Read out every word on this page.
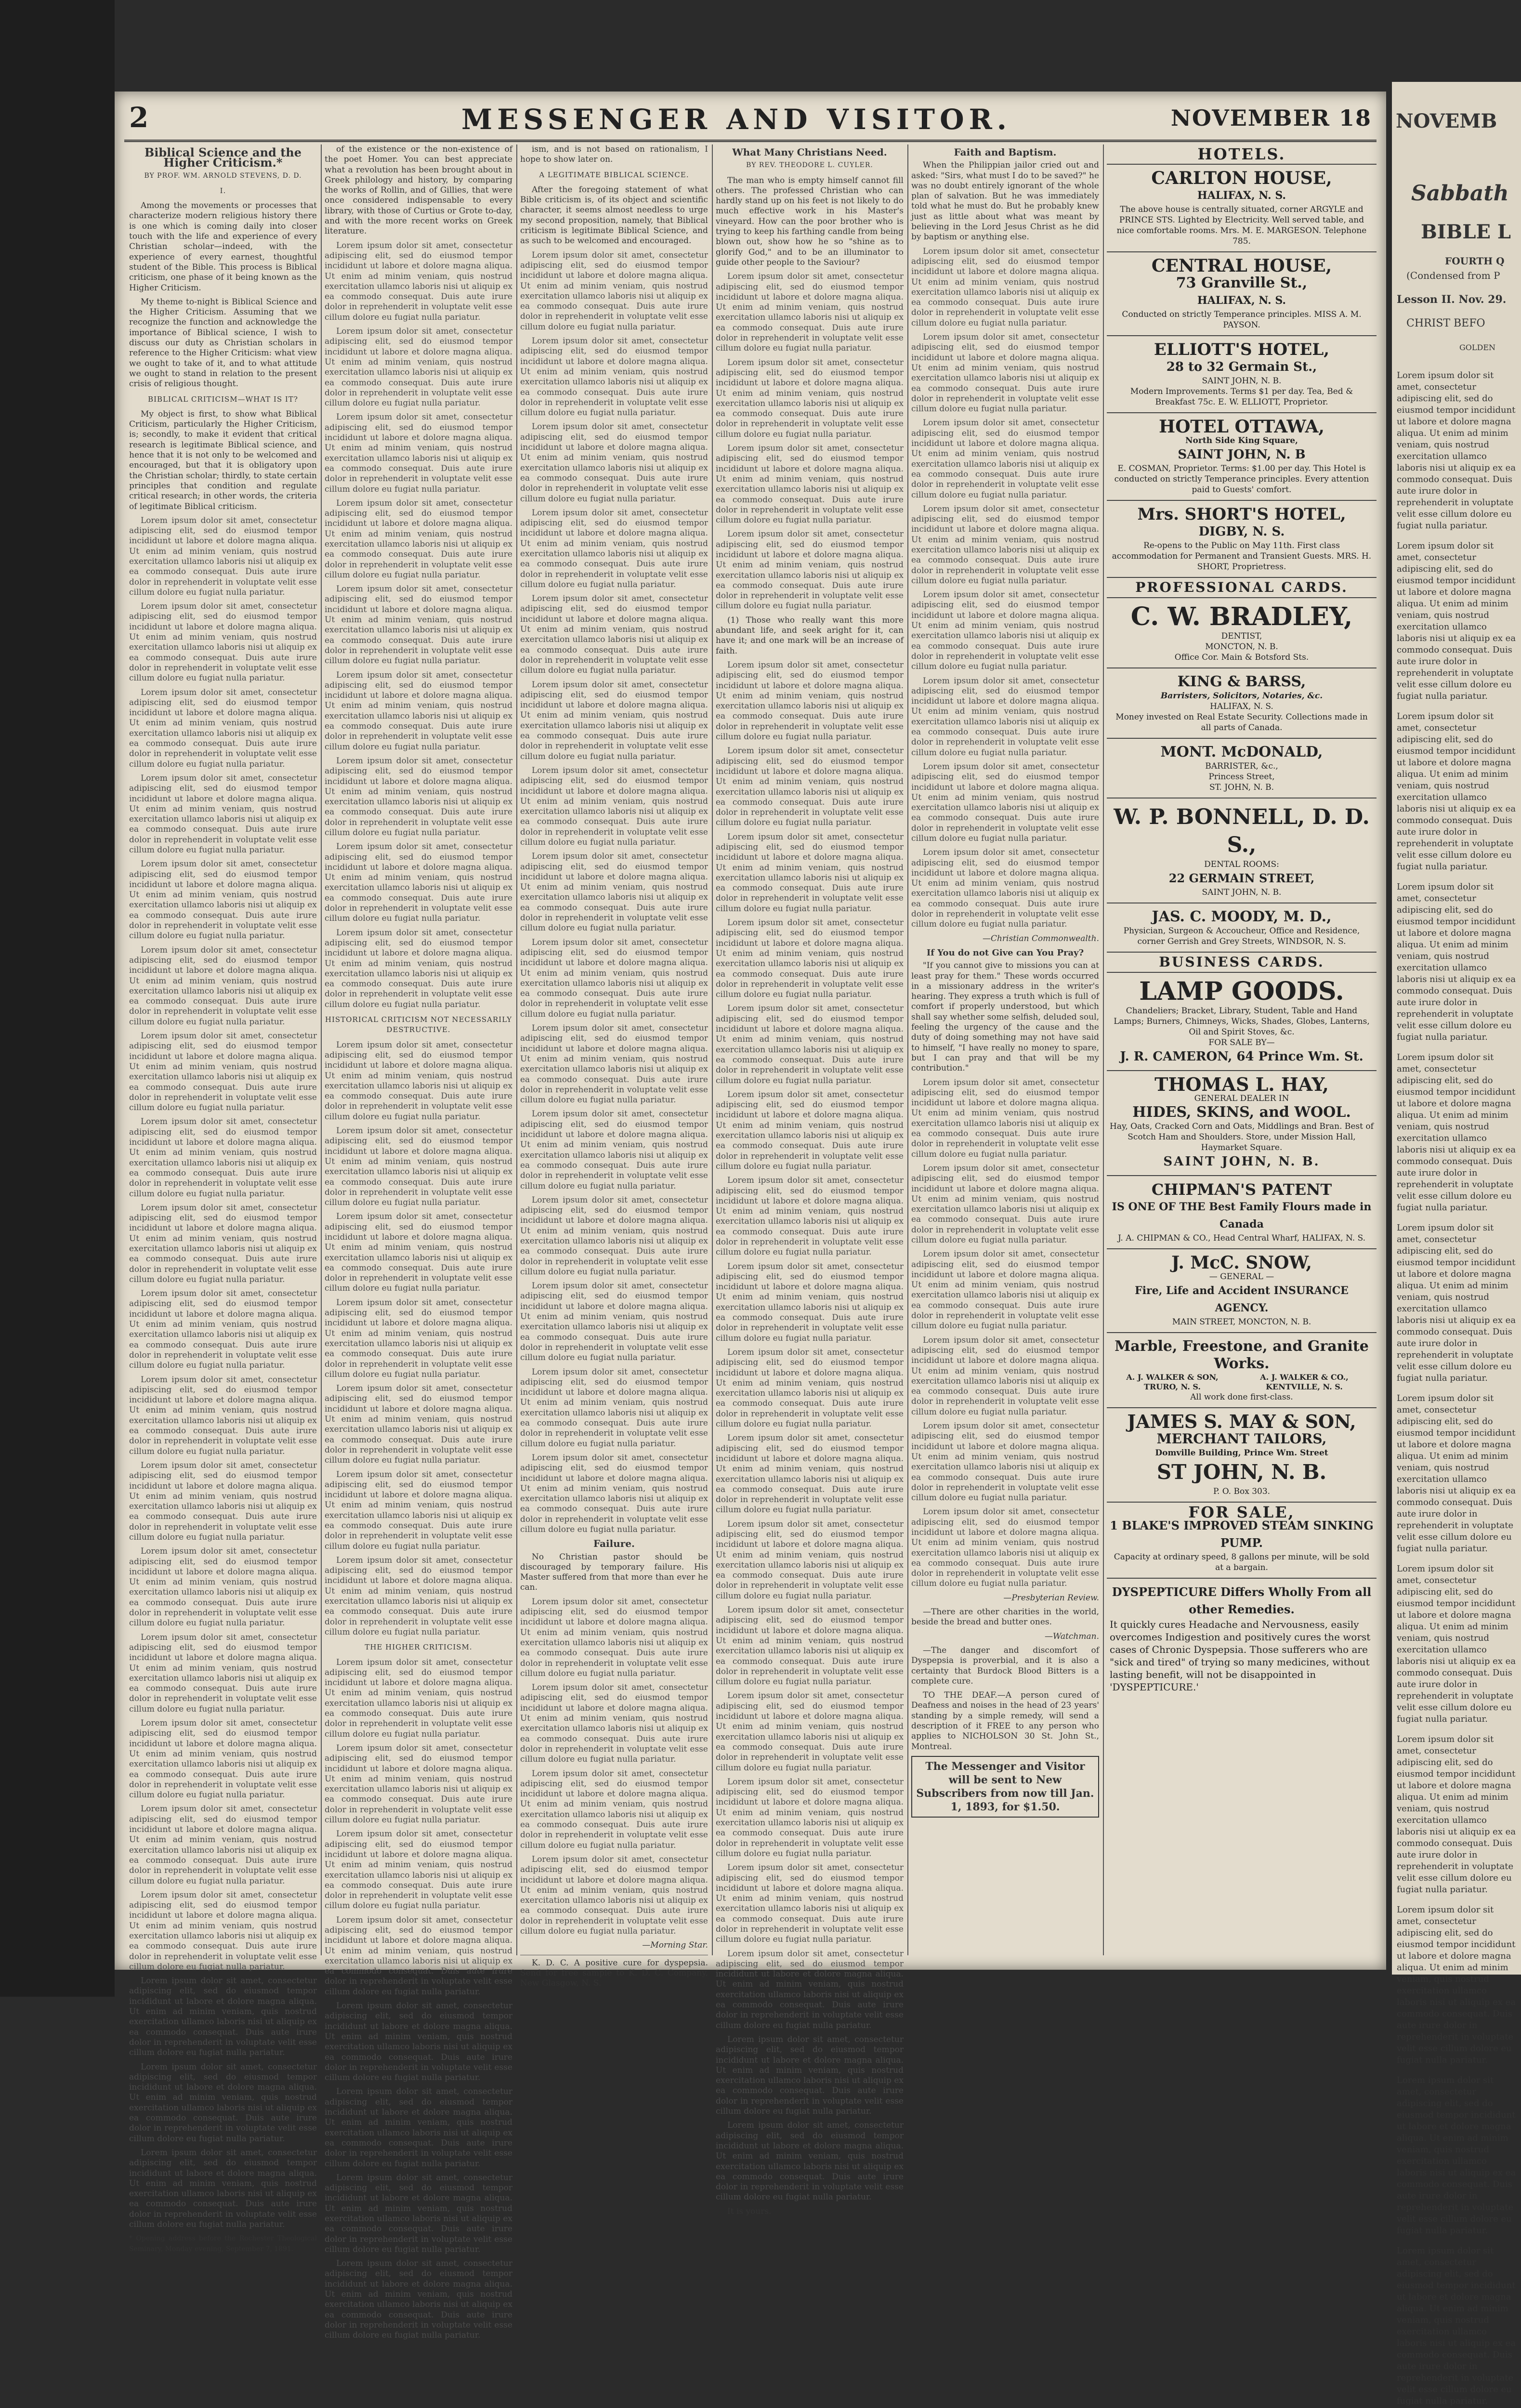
2	MESSENGER AND VISITOR.	NOVEMBER 18
Biblical Science and the Higher Criticism.*
BY PROF. WM. ARNOLD STEVENS, D. D.
I.

Among the movements or processes that characterize modern religious history there is one which is coming daily into closer touch with the life and experience of every Christian scholar—indeed, with the experience of every earnest, thoughtful student of the Bible. This process is Biblical criticism, one phase of it being known as the Higher Criticism.

My theme to-night is Biblical Science and the Higher Criticism. Assuming that we recognize the function and acknowledge the importance of Biblical science, I wish to discuss our duty as Christian scholars in reference to the Higher Criticism: what view we ought to take of it, and to what attitude we ought to stand in relation to the present crisis of religious thought.

BIBLICAL CRITICISM—WHAT IS IT?

My object is first, to show what Biblical Criticism, particularly the Higher Criticism, is; secondly, to make it evident that critical research is legitimate Biblical science, and hence that it is not only to be welcomed and encouraged, but that it is obligatory upon the Christian scholar; thirdly, to state certain principles that condition and regulate critical research; in other words, the criteria of legitimate Biblical criticism.

Lorem ipsum dolor sit amet, consectetur adipiscing elit, sed do eiusmod tempor incididunt ut labore et dolore magna aliqua. Ut enim ad minim veniam, quis nostrud exercitation ullamco laboris nisi ut aliquip ex ea commodo consequat. Duis aute irure dolor in reprehenderit in voluptate velit esse cillum dolore eu fugiat nulla pariatur.

Lorem ipsum dolor sit amet, consectetur adipiscing elit, sed do eiusmod tempor incididunt ut labore et dolore magna aliqua. Ut enim ad minim veniam, quis nostrud exercitation ullamco laboris nisi ut aliquip ex ea commodo consequat. Duis aute irure dolor in reprehenderit in voluptate velit esse cillum dolore eu fugiat nulla pariatur.

Lorem ipsum dolor sit amet, consectetur adipiscing elit, sed do eiusmod tempor incididunt ut labore et dolore magna aliqua. Ut enim ad minim veniam, quis nostrud exercitation ullamco laboris nisi ut aliquip ex ea commodo consequat. Duis aute irure dolor in reprehenderit in voluptate velit esse cillum dolore eu fugiat nulla pariatur.

Lorem ipsum dolor sit amet, consectetur adipiscing elit, sed do eiusmod tempor incididunt ut labore et dolore magna aliqua. Ut enim ad minim veniam, quis nostrud exercitation ullamco laboris nisi ut aliquip ex ea commodo consequat. Duis aute irure dolor in reprehenderit in voluptate velit esse cillum dolore eu fugiat nulla pariatur.

Lorem ipsum dolor sit amet, consectetur adipiscing elit, sed do eiusmod tempor incididunt ut labore et dolore magna aliqua. Ut enim ad minim veniam, quis nostrud exercitation ullamco laboris nisi ut aliquip ex ea commodo consequat. Duis aute irure dolor in reprehenderit in voluptate velit esse cillum dolore eu fugiat nulla pariatur.

Lorem ipsum dolor sit amet, consectetur adipiscing elit, sed do eiusmod tempor incididunt ut labore et dolore magna aliqua. Ut enim ad minim veniam, quis nostrud exercitation ullamco laboris nisi ut aliquip ex ea commodo consequat. Duis aute irure dolor in reprehenderit in voluptate velit esse cillum dolore eu fugiat nulla pariatur.

Lorem ipsum dolor sit amet, consectetur adipiscing elit, sed do eiusmod tempor incididunt ut labore et dolore magna aliqua. Ut enim ad minim veniam, quis nostrud exercitation ullamco laboris nisi ut aliquip ex ea commodo consequat. Duis aute irure dolor in reprehenderit in voluptate velit esse cillum dolore eu fugiat nulla pariatur.

Lorem ipsum dolor sit amet, consectetur adipiscing elit, sed do eiusmod tempor incididunt ut labore et dolore magna aliqua. Ut enim ad minim veniam, quis nostrud exercitation ullamco laboris nisi ut aliquip ex ea commodo consequat. Duis aute irure dolor in reprehenderit in voluptate velit esse cillum dolore eu fugiat nulla pariatur.

Lorem ipsum dolor sit amet, consectetur adipiscing elit, sed do eiusmod tempor incididunt ut labore et dolore magna aliqua. Ut enim ad minim veniam, quis nostrud exercitation ullamco laboris nisi ut aliquip ex ea commodo consequat. Duis aute irure dolor in reprehenderit in voluptate velit esse cillum dolore eu fugiat nulla pariatur.

Lorem ipsum dolor sit amet, consectetur adipiscing elit, sed do eiusmod tempor incididunt ut labore et dolore magna aliqua. Ut enim ad minim veniam, quis nostrud exercitation ullamco laboris nisi ut aliquip ex ea commodo consequat. Duis aute irure dolor in reprehenderit in voluptate velit esse cillum dolore eu fugiat nulla pariatur.

Lorem ipsum dolor sit amet, consectetur adipiscing elit, sed do eiusmod tempor incididunt ut labore et dolore magna aliqua. Ut enim ad minim veniam, quis nostrud exercitation ullamco laboris nisi ut aliquip ex ea commodo consequat. Duis aute irure dolor in reprehenderit in voluptate velit esse cillum dolore eu fugiat nulla pariatur.

Lorem ipsum dolor sit amet, consectetur adipiscing elit, sed do eiusmod tempor incididunt ut labore et dolore magna aliqua. Ut enim ad minim veniam, quis nostrud exercitation ullamco laboris nisi ut aliquip ex ea commodo consequat. Duis aute irure dolor in reprehenderit in voluptate velit esse cillum dolore eu fugiat nulla pariatur.

Lorem ipsum dolor sit amet, consectetur adipiscing elit, sed do eiusmod tempor incididunt ut labore et dolore magna aliqua. Ut enim ad minim veniam, quis nostrud exercitation ullamco laboris nisi ut aliquip ex ea commodo consequat. Duis aute irure dolor in reprehenderit in voluptate velit esse cillum dolore eu fugiat nulla pariatur.

Lorem ipsum dolor sit amet, consectetur adipiscing elit, sed do eiusmod tempor incididunt ut labore et dolore magna aliqua. Ut enim ad minim veniam, quis nostrud exercitation ullamco laboris nisi ut aliquip ex ea commodo consequat. Duis aute irure dolor in reprehenderit in voluptate velit esse cillum dolore eu fugiat nulla pariatur.

Lorem ipsum dolor sit amet, consectetur adipiscing elit, sed do eiusmod tempor incididunt ut labore et dolore magna aliqua. Ut enim ad minim veniam, quis nostrud exercitation ullamco laboris nisi ut aliquip ex ea commodo consequat. Duis aute irure dolor in reprehenderit in voluptate velit esse cillum dolore eu fugiat nulla pariatur.

Lorem ipsum dolor sit amet, consectetur adipiscing elit, sed do eiusmod tempor incididunt ut labore et dolore magna aliqua. Ut enim ad minim veniam, quis nostrud exercitation ullamco laboris nisi ut aliquip ex ea commodo consequat. Duis aute irure dolor in reprehenderit in voluptate velit esse cillum dolore eu fugiat nulla pariatur.

Lorem ipsum dolor sit amet, consectetur adipiscing elit, sed do eiusmod tempor incididunt ut labore et dolore magna aliqua. Ut enim ad minim veniam, quis nostrud exercitation ullamco laboris nisi ut aliquip ex ea commodo consequat. Duis aute irure dolor in reprehenderit in voluptate velit esse cillum dolore eu fugiat nulla pariatur.

Lorem ipsum dolor sit amet, consectetur adipiscing elit, sed do eiusmod tempor incididunt ut labore et dolore magna aliqua. Ut enim ad minim veniam, quis nostrud exercitation ullamco laboris nisi ut aliquip ex ea commodo consequat. Duis aute irure dolor in reprehenderit in voluptate velit esse cillum dolore eu fugiat nulla pariatur.

Lorem ipsum dolor sit amet, consectetur adipiscing elit, sed do eiusmod tempor incididunt ut labore et dolore magna aliqua. Ut enim ad minim veniam, quis nostrud exercitation ullamco laboris nisi ut aliquip ex ea commodo consequat. Duis aute irure dolor in reprehenderit in voluptate velit esse cillum dolore eu fugiat nulla pariatur.

Lorem ipsum dolor sit amet, consectetur adipiscing elit, sed do eiusmod tempor incididunt ut labore et dolore magna aliqua. Ut enim ad minim veniam, quis nostrud exercitation ullamco laboris nisi ut aliquip ex ea commodo consequat. Duis aute irure dolor in reprehenderit in voluptate velit esse cillum dolore eu fugiat nulla pariatur.

* Opening address before the Rochester Theological Seminary, Monday evening, September 7, 1891.

of the existence or the non-existence of the poet Homer. You can best appreciate what a revolution has been brought about in Greek philology and history, by comparing the works of Rollin, and of Gillies, that were once considered indispensable to every library, with those of Curtius or Grote to-day, and with the more recent works on Greek literature.

Lorem ipsum dolor sit amet, consectetur adipiscing elit, sed do eiusmod tempor incididunt ut labore et dolore magna aliqua. Ut enim ad minim veniam, quis nostrud exercitation ullamco laboris nisi ut aliquip ex ea commodo consequat. Duis aute irure dolor in reprehenderit in voluptate velit esse cillum dolore eu fugiat nulla pariatur.

Lorem ipsum dolor sit amet, consectetur adipiscing elit, sed do eiusmod tempor incididunt ut labore et dolore magna aliqua. Ut enim ad minim veniam, quis nostrud exercitation ullamco laboris nisi ut aliquip ex ea commodo consequat. Duis aute irure dolor in reprehenderit in voluptate velit esse cillum dolore eu fugiat nulla pariatur.

Lorem ipsum dolor sit amet, consectetur adipiscing elit, sed do eiusmod tempor incididunt ut labore et dolore magna aliqua. Ut enim ad minim veniam, quis nostrud exercitation ullamco laboris nisi ut aliquip ex ea commodo consequat. Duis aute irure dolor in reprehenderit in voluptate velit esse cillum dolore eu fugiat nulla pariatur.

Lorem ipsum dolor sit amet, consectetur adipiscing elit, sed do eiusmod tempor incididunt ut labore et dolore magna aliqua. Ut enim ad minim veniam, quis nostrud exercitation ullamco laboris nisi ut aliquip ex ea commodo consequat. Duis aute irure dolor in reprehenderit in voluptate velit esse cillum dolore eu fugiat nulla pariatur.

Lorem ipsum dolor sit amet, consectetur adipiscing elit, sed do eiusmod tempor incididunt ut labore et dolore magna aliqua. Ut enim ad minim veniam, quis nostrud exercitation ullamco laboris nisi ut aliquip ex ea commodo consequat. Duis aute irure dolor in reprehenderit in voluptate velit esse cillum dolore eu fugiat nulla pariatur.

Lorem ipsum dolor sit amet, consectetur adipiscing elit, sed do eiusmod tempor incididunt ut labore et dolore magna aliqua. Ut enim ad minim veniam, quis nostrud exercitation ullamco laboris nisi ut aliquip ex ea commodo consequat. Duis aute irure dolor in reprehenderit in voluptate velit esse cillum dolore eu fugiat nulla pariatur.

Lorem ipsum dolor sit amet, consectetur adipiscing elit, sed do eiusmod tempor incididunt ut labore et dolore magna aliqua. Ut enim ad minim veniam, quis nostrud exercitation ullamco laboris nisi ut aliquip ex ea commodo consequat. Duis aute irure dolor in reprehenderit in voluptate velit esse cillum dolore eu fugiat nulla pariatur.

Lorem ipsum dolor sit amet, consectetur adipiscing elit, sed do eiusmod tempor incididunt ut labore et dolore magna aliqua. Ut enim ad minim veniam, quis nostrud exercitation ullamco laboris nisi ut aliquip ex ea commodo consequat. Duis aute irure dolor in reprehenderit in voluptate velit esse cillum dolore eu fugiat nulla pariatur.

Lorem ipsum dolor sit amet, consectetur adipiscing elit, sed do eiusmod tempor incididunt ut labore et dolore magna aliqua. Ut enim ad minim veniam, quis nostrud exercitation ullamco laboris nisi ut aliquip ex ea commodo consequat. Duis aute irure dolor in reprehenderit in voluptate velit esse cillum dolore eu fugiat nulla pariatur.

HISTORICAL CRITICISM NOT NECESSARILY DESTRUCTIVE.

Lorem ipsum dolor sit amet, consectetur adipiscing elit, sed do eiusmod tempor incididunt ut labore et dolore magna aliqua. Ut enim ad minim veniam, quis nostrud exercitation ullamco laboris nisi ut aliquip ex ea commodo consequat. Duis aute irure dolor in reprehenderit in voluptate velit esse cillum dolore eu fugiat nulla pariatur.

Lorem ipsum dolor sit amet, consectetur adipiscing elit, sed do eiusmod tempor incididunt ut labore et dolore magna aliqua. Ut enim ad minim veniam, quis nostrud exercitation ullamco laboris nisi ut aliquip ex ea commodo consequat. Duis aute irure dolor in reprehenderit in voluptate velit esse cillum dolore eu fugiat nulla pariatur.

Lorem ipsum dolor sit amet, consectetur adipiscing elit, sed do eiusmod tempor incididunt ut labore et dolore magna aliqua. Ut enim ad minim veniam, quis nostrud exercitation ullamco laboris nisi ut aliquip ex ea commodo consequat. Duis aute irure dolor in reprehenderit in voluptate velit esse cillum dolore eu fugiat nulla pariatur.

Lorem ipsum dolor sit amet, consectetur adipiscing elit, sed do eiusmod tempor incididunt ut labore et dolore magna aliqua. Ut enim ad minim veniam, quis nostrud exercitation ullamco laboris nisi ut aliquip ex ea commodo consequat. Duis aute irure dolor in reprehenderit in voluptate velit esse cillum dolore eu fugiat nulla pariatur.

Lorem ipsum dolor sit amet, consectetur adipiscing elit, sed do eiusmod tempor incididunt ut labore et dolore magna aliqua. Ut enim ad minim veniam, quis nostrud exercitation ullamco laboris nisi ut aliquip ex ea commodo consequat. Duis aute irure dolor in reprehenderit in voluptate velit esse cillum dolore eu fugiat nulla pariatur.

Lorem ipsum dolor sit amet, consectetur adipiscing elit, sed do eiusmod tempor incididunt ut labore et dolore magna aliqua. Ut enim ad minim veniam, quis nostrud exercitation ullamco laboris nisi ut aliquip ex ea commodo consequat. Duis aute irure dolor in reprehenderit in voluptate velit esse cillum dolore eu fugiat nulla pariatur.

Lorem ipsum dolor sit amet, consectetur adipiscing elit, sed do eiusmod tempor incididunt ut labore et dolore magna aliqua. Ut enim ad minim veniam, quis nostrud exercitation ullamco laboris nisi ut aliquip ex ea commodo consequat. Duis aute irure dolor in reprehenderit in voluptate velit esse cillum dolore eu fugiat nulla pariatur.

THE HIGHER CRITICISM.

Lorem ipsum dolor sit amet, consectetur adipiscing elit, sed do eiusmod tempor incididunt ut labore et dolore magna aliqua. Ut enim ad minim veniam, quis nostrud exercitation ullamco laboris nisi ut aliquip ex ea commodo consequat. Duis aute irure dolor in reprehenderit in voluptate velit esse cillum dolore eu fugiat nulla pariatur.

Lorem ipsum dolor sit amet, consectetur adipiscing elit, sed do eiusmod tempor incididunt ut labore et dolore magna aliqua. Ut enim ad minim veniam, quis nostrud exercitation ullamco laboris nisi ut aliquip ex ea commodo consequat. Duis aute irure dolor in reprehenderit in voluptate velit esse cillum dolore eu fugiat nulla pariatur.

Lorem ipsum dolor sit amet, consectetur adipiscing elit, sed do eiusmod tempor incididunt ut labore et dolore magna aliqua. Ut enim ad minim veniam, quis nostrud exercitation ullamco laboris nisi ut aliquip ex ea commodo consequat. Duis aute irure dolor in reprehenderit in voluptate velit esse cillum dolore eu fugiat nulla pariatur.

Lorem ipsum dolor sit amet, consectetur adipiscing elit, sed do eiusmod tempor incididunt ut labore et dolore magna aliqua. Ut enim ad minim veniam, quis nostrud exercitation ullamco laboris nisi ut aliquip ex ea commodo consequat. Duis aute irure dolor in reprehenderit in voluptate velit esse cillum dolore eu fugiat nulla pariatur.

Lorem ipsum dolor sit amet, consectetur adipiscing elit, sed do eiusmod tempor incididunt ut labore et dolore magna aliqua. Ut enim ad minim veniam, quis nostrud exercitation ullamco laboris nisi ut aliquip ex ea commodo consequat. Duis aute irure dolor in reprehenderit in voluptate velit esse cillum dolore eu fugiat nulla pariatur.

Lorem ipsum dolor sit amet, consectetur adipiscing elit, sed do eiusmod tempor incididunt ut labore et dolore magna aliqua. Ut enim ad minim veniam, quis nostrud exercitation ullamco laboris nisi ut aliquip ex ea commodo consequat. Duis aute irure dolor in reprehenderit in voluptate velit esse cillum dolore eu fugiat nulla pariatur.

Lorem ipsum dolor sit amet, consectetur adipiscing elit, sed do eiusmod tempor incididunt ut labore et dolore magna aliqua. Ut enim ad minim veniam, quis nostrud exercitation ullamco laboris nisi ut aliquip ex ea commodo consequat. Duis aute irure dolor in reprehenderit in voluptate velit esse cillum dolore eu fugiat nulla pariatur.

Lorem ipsum dolor sit amet, consectetur adipiscing elit, sed do eiusmod tempor incididunt ut labore et dolore magna aliqua. Ut enim ad minim veniam, quis nostrud exercitation ullamco laboris nisi ut aliquip ex ea commodo consequat. Duis aute irure dolor in reprehenderit in voluptate velit esse cillum dolore eu fugiat nulla pariatur.

ism, and is not based on rationalism, I hope to show later on.

A LEGITIMATE BIBLICAL SCIENCE.

After the foregoing statement of what Bible criticism is, of its object and scientific character, it seems almost needless to urge my second proposition, namely, that Biblical criticism is legitimate Biblical Science, and as such to be welcomed and encouraged.

Lorem ipsum dolor sit amet, consectetur adipiscing elit, sed do eiusmod tempor incididunt ut labore et dolore magna aliqua. Ut enim ad minim veniam, quis nostrud exercitation ullamco laboris nisi ut aliquip ex ea commodo consequat. Duis aute irure dolor in reprehenderit in voluptate velit esse cillum dolore eu fugiat nulla pariatur.

Lorem ipsum dolor sit amet, consectetur adipiscing elit, sed do eiusmod tempor incididunt ut labore et dolore magna aliqua. Ut enim ad minim veniam, quis nostrud exercitation ullamco laboris nisi ut aliquip ex ea commodo consequat. Duis aute irure dolor in reprehenderit in voluptate velit esse cillum dolore eu fugiat nulla pariatur.

Lorem ipsum dolor sit amet, consectetur adipiscing elit, sed do eiusmod tempor incididunt ut labore et dolore magna aliqua. Ut enim ad minim veniam, quis nostrud exercitation ullamco laboris nisi ut aliquip ex ea commodo consequat. Duis aute irure dolor in reprehenderit in voluptate velit esse cillum dolore eu fugiat nulla pariatur.

Lorem ipsum dolor sit amet, consectetur adipiscing elit, sed do eiusmod tempor incididunt ut labore et dolore magna aliqua. Ut enim ad minim veniam, quis nostrud exercitation ullamco laboris nisi ut aliquip ex ea commodo consequat. Duis aute irure dolor in reprehenderit in voluptate velit esse cillum dolore eu fugiat nulla pariatur.

Lorem ipsum dolor sit amet, consectetur adipiscing elit, sed do eiusmod tempor incididunt ut labore et dolore magna aliqua. Ut enim ad minim veniam, quis nostrud exercitation ullamco laboris nisi ut aliquip ex ea commodo consequat. Duis aute irure dolor in reprehenderit in voluptate velit esse cillum dolore eu fugiat nulla pariatur.

Lorem ipsum dolor sit amet, consectetur adipiscing elit, sed do eiusmod tempor incididunt ut labore et dolore magna aliqua. Ut enim ad minim veniam, quis nostrud exercitation ullamco laboris nisi ut aliquip ex ea commodo consequat. Duis aute irure dolor in reprehenderit in voluptate velit esse cillum dolore eu fugiat nulla pariatur.

Lorem ipsum dolor sit amet, consectetur adipiscing elit, sed do eiusmod tempor incididunt ut labore et dolore magna aliqua. Ut enim ad minim veniam, quis nostrud exercitation ullamco laboris nisi ut aliquip ex ea commodo consequat. Duis aute irure dolor in reprehenderit in voluptate velit esse cillum dolore eu fugiat nulla pariatur.

Lorem ipsum dolor sit amet, consectetur adipiscing elit, sed do eiusmod tempor incididunt ut labore et dolore magna aliqua. Ut enim ad minim veniam, quis nostrud exercitation ullamco laboris nisi ut aliquip ex ea commodo consequat. Duis aute irure dolor in reprehenderit in voluptate velit esse cillum dolore eu fugiat nulla pariatur.

Lorem ipsum dolor sit amet, consectetur adipiscing elit, sed do eiusmod tempor incididunt ut labore et dolore magna aliqua. Ut enim ad minim veniam, quis nostrud exercitation ullamco laboris nisi ut aliquip ex ea commodo consequat. Duis aute irure dolor in reprehenderit in voluptate velit esse cillum dolore eu fugiat nulla pariatur.

Lorem ipsum dolor sit amet, consectetur adipiscing elit, sed do eiusmod tempor incididunt ut labore et dolore magna aliqua. Ut enim ad minim veniam, quis nostrud exercitation ullamco laboris nisi ut aliquip ex ea commodo consequat. Duis aute irure dolor in reprehenderit in voluptate velit esse cillum dolore eu fugiat nulla pariatur.

Lorem ipsum dolor sit amet, consectetur adipiscing elit, sed do eiusmod tempor incididunt ut labore et dolore magna aliqua. Ut enim ad minim veniam, quis nostrud exercitation ullamco laboris nisi ut aliquip ex ea commodo consequat. Duis aute irure dolor in reprehenderit in voluptate velit esse cillum dolore eu fugiat nulla pariatur.

Lorem ipsum dolor sit amet, consectetur adipiscing elit, sed do eiusmod tempor incididunt ut labore et dolore magna aliqua. Ut enim ad minim veniam, quis nostrud exercitation ullamco laboris nisi ut aliquip ex ea commodo consequat. Duis aute irure dolor in reprehenderit in voluptate velit esse cillum dolore eu fugiat nulla pariatur.

Lorem ipsum dolor sit amet, consectetur adipiscing elit, sed do eiusmod tempor incididunt ut labore et dolore magna aliqua. Ut enim ad minim veniam, quis nostrud exercitation ullamco laboris nisi ut aliquip ex ea commodo consequat. Duis aute irure dolor in reprehenderit in voluptate velit esse cillum dolore eu fugiat nulla pariatur.

Lorem ipsum dolor sit amet, consectetur adipiscing elit, sed do eiusmod tempor incididunt ut labore et dolore magna aliqua. Ut enim ad minim veniam, quis nostrud exercitation ullamco laboris nisi ut aliquip ex ea commodo consequat. Duis aute irure dolor in reprehenderit in voluptate velit esse cillum dolore eu fugiat nulla pariatur.

Lorem ipsum dolor sit amet, consectetur adipiscing elit, sed do eiusmod tempor incididunt ut labore et dolore magna aliqua. Ut enim ad minim veniam, quis nostrud exercitation ullamco laboris nisi ut aliquip ex ea commodo consequat. Duis aute irure dolor in reprehenderit in voluptate velit esse cillum dolore eu fugiat nulla pariatur.

Failure.

No Christian pastor should be discouraged by temporary failure. His Master suffered from that more than ever he can.

Lorem ipsum dolor sit amet, consectetur adipiscing elit, sed do eiusmod tempor incididunt ut labore et dolore magna aliqua. Ut enim ad minim veniam, quis nostrud exercitation ullamco laboris nisi ut aliquip ex ea commodo consequat. Duis aute irure dolor in reprehenderit in voluptate velit esse cillum dolore eu fugiat nulla pariatur.

Lorem ipsum dolor sit amet, consectetur adipiscing elit, sed do eiusmod tempor incididunt ut labore et dolore magna aliqua. Ut enim ad minim veniam, quis nostrud exercitation ullamco laboris nisi ut aliquip ex ea commodo consequat. Duis aute irure dolor in reprehenderit in voluptate velit esse cillum dolore eu fugiat nulla pariatur.

Lorem ipsum dolor sit amet, consectetur adipiscing elit, sed do eiusmod tempor incididunt ut labore et dolore magna aliqua. Ut enim ad minim veniam, quis nostrud exercitation ullamco laboris nisi ut aliquip ex ea commodo consequat. Duis aute irure dolor in reprehenderit in voluptate velit esse cillum dolore eu fugiat nulla pariatur.

Lorem ipsum dolor sit amet, consectetur adipiscing elit, sed do eiusmod tempor incididunt ut labore et dolore magna aliqua. Ut enim ad minim veniam, quis nostrud exercitation ullamco laboris nisi ut aliquip ex ea commodo consequat. Duis aute irure dolor in reprehenderit in voluptate velit esse cillum dolore eu fugiat nulla pariatur.

—Morning Star.

K. D. C. A positive cure for dyspepsia. Send for free sample to K. D. C. Company, New Glasgow, N. S.

What Many Christians Need.
BY REV. THEODORE L. CUYLER.

The man who is empty himself cannot fill others. The professed Christian who can hardly stand up on his feet is not likely to do much effective work in his Master's vineyard. How can the poor brother who is trying to keep his farthing candle from being blown out, show how he so "shine as to glorify God," and to be an illuminator to guide other people to the Saviour?

Lorem ipsum dolor sit amet, consectetur adipiscing elit, sed do eiusmod tempor incididunt ut labore et dolore magna aliqua. Ut enim ad minim veniam, quis nostrud exercitation ullamco laboris nisi ut aliquip ex ea commodo consequat. Duis aute irure dolor in reprehenderit in voluptate velit esse cillum dolore eu fugiat nulla pariatur.

Lorem ipsum dolor sit amet, consectetur adipiscing elit, sed do eiusmod tempor incididunt ut labore et dolore magna aliqua. Ut enim ad minim veniam, quis nostrud exercitation ullamco laboris nisi ut aliquip ex ea commodo consequat. Duis aute irure dolor in reprehenderit in voluptate velit esse cillum dolore eu fugiat nulla pariatur.

Lorem ipsum dolor sit amet, consectetur adipiscing elit, sed do eiusmod tempor incididunt ut labore et dolore magna aliqua. Ut enim ad minim veniam, quis nostrud exercitation ullamco laboris nisi ut aliquip ex ea commodo consequat. Duis aute irure dolor in reprehenderit in voluptate velit esse cillum dolore eu fugiat nulla pariatur.

Lorem ipsum dolor sit amet, consectetur adipiscing elit, sed do eiusmod tempor incididunt ut labore et dolore magna aliqua. Ut enim ad minim veniam, quis nostrud exercitation ullamco laboris nisi ut aliquip ex ea commodo consequat. Duis aute irure dolor in reprehenderit in voluptate velit esse cillum dolore eu fugiat nulla pariatur.

(1) Those who really want this more abundant life, and seek aright for it, can have it; and one mark will be an increase of faith.

Lorem ipsum dolor sit amet, consectetur adipiscing elit, sed do eiusmod tempor incididunt ut labore et dolore magna aliqua. Ut enim ad minim veniam, quis nostrud exercitation ullamco laboris nisi ut aliquip ex ea commodo consequat. Duis aute irure dolor in reprehenderit in voluptate velit esse cillum dolore eu fugiat nulla pariatur.

Lorem ipsum dolor sit amet, consectetur adipiscing elit, sed do eiusmod tempor incididunt ut labore et dolore magna aliqua. Ut enim ad minim veniam, quis nostrud exercitation ullamco laboris nisi ut aliquip ex ea commodo consequat. Duis aute irure dolor in reprehenderit in voluptate velit esse cillum dolore eu fugiat nulla pariatur.

Lorem ipsum dolor sit amet, consectetur adipiscing elit, sed do eiusmod tempor incididunt ut labore et dolore magna aliqua. Ut enim ad minim veniam, quis nostrud exercitation ullamco laboris nisi ut aliquip ex ea commodo consequat. Duis aute irure dolor in reprehenderit in voluptate velit esse cillum dolore eu fugiat nulla pariatur.

Lorem ipsum dolor sit amet, consectetur adipiscing elit, sed do eiusmod tempor incididunt ut labore et dolore magna aliqua. Ut enim ad minim veniam, quis nostrud exercitation ullamco laboris nisi ut aliquip ex ea commodo consequat. Duis aute irure dolor in reprehenderit in voluptate velit esse cillum dolore eu fugiat nulla pariatur.

Lorem ipsum dolor sit amet, consectetur adipiscing elit, sed do eiusmod tempor incididunt ut labore et dolore magna aliqua. Ut enim ad minim veniam, quis nostrud exercitation ullamco laboris nisi ut aliquip ex ea commodo consequat. Duis aute irure dolor in reprehenderit in voluptate velit esse cillum dolore eu fugiat nulla pariatur.

Lorem ipsum dolor sit amet, consectetur adipiscing elit, sed do eiusmod tempor incididunt ut labore et dolore magna aliqua. Ut enim ad minim veniam, quis nostrud exercitation ullamco laboris nisi ut aliquip ex ea commodo consequat. Duis aute irure dolor in reprehenderit in voluptate velit esse cillum dolore eu fugiat nulla pariatur.

Lorem ipsum dolor sit amet, consectetur adipiscing elit, sed do eiusmod tempor incididunt ut labore et dolore magna aliqua. Ut enim ad minim veniam, quis nostrud exercitation ullamco laboris nisi ut aliquip ex ea commodo consequat. Duis aute irure dolor in reprehenderit in voluptate velit esse cillum dolore eu fugiat nulla pariatur.

Lorem ipsum dolor sit amet, consectetur adipiscing elit, sed do eiusmod tempor incididunt ut labore et dolore magna aliqua. Ut enim ad minim veniam, quis nostrud exercitation ullamco laboris nisi ut aliquip ex ea commodo consequat. Duis aute irure dolor in reprehenderit in voluptate velit esse cillum dolore eu fugiat nulla pariatur.

Lorem ipsum dolor sit amet, consectetur adipiscing elit, sed do eiusmod tempor incididunt ut labore et dolore magna aliqua. Ut enim ad minim veniam, quis nostrud exercitation ullamco laboris nisi ut aliquip ex ea commodo consequat. Duis aute irure dolor in reprehenderit in voluptate velit esse cillum dolore eu fugiat nulla pariatur.

Lorem ipsum dolor sit amet, consectetur adipiscing elit, sed do eiusmod tempor incididunt ut labore et dolore magna aliqua. Ut enim ad minim veniam, quis nostrud exercitation ullamco laboris nisi ut aliquip ex ea commodo consequat. Duis aute irure dolor in reprehenderit in voluptate velit esse cillum dolore eu fugiat nulla pariatur.

Lorem ipsum dolor sit amet, consectetur adipiscing elit, sed do eiusmod tempor incididunt ut labore et dolore magna aliqua. Ut enim ad minim veniam, quis nostrud exercitation ullamco laboris nisi ut aliquip ex ea commodo consequat. Duis aute irure dolor in reprehenderit in voluptate velit esse cillum dolore eu fugiat nulla pariatur.

Lorem ipsum dolor sit amet, consectetur adipiscing elit, sed do eiusmod tempor incididunt ut labore et dolore magna aliqua. Ut enim ad minim veniam, quis nostrud exercitation ullamco laboris nisi ut aliquip ex ea commodo consequat. Duis aute irure dolor in reprehenderit in voluptate velit esse cillum dolore eu fugiat nulla pariatur.

Lorem ipsum dolor sit amet, consectetur adipiscing elit, sed do eiusmod tempor incididunt ut labore et dolore magna aliqua. Ut enim ad minim veniam, quis nostrud exercitation ullamco laboris nisi ut aliquip ex ea commodo consequat. Duis aute irure dolor in reprehenderit in voluptate velit esse cillum dolore eu fugiat nulla pariatur.

Lorem ipsum dolor sit amet, consectetur adipiscing elit, sed do eiusmod tempor incididunt ut labore et dolore magna aliqua. Ut enim ad minim veniam, quis nostrud exercitation ullamco laboris nisi ut aliquip ex ea commodo consequat. Duis aute irure dolor in reprehenderit in voluptate velit esse cillum dolore eu fugiat nulla pariatur.

Lorem ipsum dolor sit amet, consectetur adipiscing elit, sed do eiusmod tempor incididunt ut labore et dolore magna aliqua. Ut enim ad minim veniam, quis nostrud exercitation ullamco laboris nisi ut aliquip ex ea commodo consequat. Duis aute irure dolor in reprehenderit in voluptate velit esse cillum dolore eu fugiat nulla pariatur.

Lorem ipsum dolor sit amet, consectetur adipiscing elit, sed do eiusmod tempor incididunt ut labore et dolore magna aliqua. Ut enim ad minim veniam, quis nostrud exercitation ullamco laboris nisi ut aliquip ex ea commodo consequat. Duis aute irure dolor in reprehenderit in voluptate velit esse cillum dolore eu fugiat nulla pariatur.

Lorem ipsum dolor sit amet, consectetur adipiscing elit, sed do eiusmod tempor incididunt ut labore et dolore magna aliqua. Ut enim ad minim veniam, quis nostrud exercitation ullamco laboris nisi ut aliquip ex ea commodo consequat. Duis aute irure dolor in reprehenderit in voluptate velit esse cillum dolore eu fugiat nulla pariatur.

Lorem ipsum dolor sit amet, consectetur adipiscing elit, sed do eiusmod tempor incididunt ut labore et dolore magna aliqua. Ut enim ad minim veniam, quis nostrud exercitation ullamco laboris nisi ut aliquip ex ea commodo consequat. Duis aute irure dolor in reprehenderit in voluptate velit esse cillum dolore eu fugiat nulla pariatur.

It is yours.

Faith and Baptism.

When the Philippian jailor cried out and asked: "Sirs, what must I do to be saved?" he was no doubt entirely ignorant of the whole plan of salvation. But he was immediately told what he must do. But he probably knew just as little about what was meant by believing in the Lord Jesus Christ as he did by baptism or anything else.

Lorem ipsum dolor sit amet, consectetur adipiscing elit, sed do eiusmod tempor incididunt ut labore et dolore magna aliqua. Ut enim ad minim veniam, quis nostrud exercitation ullamco laboris nisi ut aliquip ex ea commodo consequat. Duis aute irure dolor in reprehenderit in voluptate velit esse cillum dolore eu fugiat nulla pariatur.

Lorem ipsum dolor sit amet, consectetur adipiscing elit, sed do eiusmod tempor incididunt ut labore et dolore magna aliqua. Ut enim ad minim veniam, quis nostrud exercitation ullamco laboris nisi ut aliquip ex ea commodo consequat. Duis aute irure dolor in reprehenderit in voluptate velit esse cillum dolore eu fugiat nulla pariatur.

Lorem ipsum dolor sit amet, consectetur adipiscing elit, sed do eiusmod tempor incididunt ut labore et dolore magna aliqua. Ut enim ad minim veniam, quis nostrud exercitation ullamco laboris nisi ut aliquip ex ea commodo consequat. Duis aute irure dolor in reprehenderit in voluptate velit esse cillum dolore eu fugiat nulla pariatur.

Lorem ipsum dolor sit amet, consectetur adipiscing elit, sed do eiusmod tempor incididunt ut labore et dolore magna aliqua. Ut enim ad minim veniam, quis nostrud exercitation ullamco laboris nisi ut aliquip ex ea commodo consequat. Duis aute irure dolor in reprehenderit in voluptate velit esse cillum dolore eu fugiat nulla pariatur.

Lorem ipsum dolor sit amet, consectetur adipiscing elit, sed do eiusmod tempor incididunt ut labore et dolore magna aliqua. Ut enim ad minim veniam, quis nostrud exercitation ullamco laboris nisi ut aliquip ex ea commodo consequat. Duis aute irure dolor in reprehenderit in voluptate velit esse cillum dolore eu fugiat nulla pariatur.

Lorem ipsum dolor sit amet, consectetur adipiscing elit, sed do eiusmod tempor incididunt ut labore et dolore magna aliqua. Ut enim ad minim veniam, quis nostrud exercitation ullamco laboris nisi ut aliquip ex ea commodo consequat. Duis aute irure dolor in reprehenderit in voluptate velit esse cillum dolore eu fugiat nulla pariatur.

Lorem ipsum dolor sit amet, consectetur adipiscing elit, sed do eiusmod tempor incididunt ut labore et dolore magna aliqua. Ut enim ad minim veniam, quis nostrud exercitation ullamco laboris nisi ut aliquip ex ea commodo consequat. Duis aute irure dolor in reprehenderit in voluptate velit esse cillum dolore eu fugiat nulla pariatur.

Lorem ipsum dolor sit amet, consectetur adipiscing elit, sed do eiusmod tempor incididunt ut labore et dolore magna aliqua. Ut enim ad minim veniam, quis nostrud exercitation ullamco laboris nisi ut aliquip ex ea commodo consequat. Duis aute irure dolor in reprehenderit in voluptate velit esse cillum dolore eu fugiat nulla pariatur.

—Christian Commonwealth.

If You do not Give can You Pray?

"If you cannot give to missions you can at least pray for them." These words occurred in a missionary address in the writer's hearing. They express a truth which is full of comfort if properly understood, but which shall say whether some selfish, deluded soul, feeling the urgency of the cause and the duty of doing something may not have said to himself, "I have really no money to spare, but I can pray and that will be my contribution."

Lorem ipsum dolor sit amet, consectetur adipiscing elit, sed do eiusmod tempor incididunt ut labore et dolore magna aliqua. Ut enim ad minim veniam, quis nostrud exercitation ullamco laboris nisi ut aliquip ex ea commodo consequat. Duis aute irure dolor in reprehenderit in voluptate velit esse cillum dolore eu fugiat nulla pariatur.

Lorem ipsum dolor sit amet, consectetur adipiscing elit, sed do eiusmod tempor incididunt ut labore et dolore magna aliqua. Ut enim ad minim veniam, quis nostrud exercitation ullamco laboris nisi ut aliquip ex ea commodo consequat. Duis aute irure dolor in reprehenderit in voluptate velit esse cillum dolore eu fugiat nulla pariatur.

Lorem ipsum dolor sit amet, consectetur adipiscing elit, sed do eiusmod tempor incididunt ut labore et dolore magna aliqua. Ut enim ad minim veniam, quis nostrud exercitation ullamco laboris nisi ut aliquip ex ea commodo consequat. Duis aute irure dolor in reprehenderit in voluptate velit esse cillum dolore eu fugiat nulla pariatur.

Lorem ipsum dolor sit amet, consectetur adipiscing elit, sed do eiusmod tempor incididunt ut labore et dolore magna aliqua. Ut enim ad minim veniam, quis nostrud exercitation ullamco laboris nisi ut aliquip ex ea commodo consequat. Duis aute irure dolor in reprehenderit in voluptate velit esse cillum dolore eu fugiat nulla pariatur.

Lorem ipsum dolor sit amet, consectetur adipiscing elit, sed do eiusmod tempor incididunt ut labore et dolore magna aliqua. Ut enim ad minim veniam, quis nostrud exercitation ullamco laboris nisi ut aliquip ex ea commodo consequat. Duis aute irure dolor in reprehenderit in voluptate velit esse cillum dolore eu fugiat nulla pariatur.

Lorem ipsum dolor sit amet, consectetur adipiscing elit, sed do eiusmod tempor incididunt ut labore et dolore magna aliqua. Ut enim ad minim veniam, quis nostrud exercitation ullamco laboris nisi ut aliquip ex ea commodo consequat. Duis aute irure dolor in reprehenderit in voluptate velit esse cillum dolore eu fugiat nulla pariatur.

—Presbyterian Review.

—There are other charities in the world, beside the bread and butter ones.

—Watchman.

—The danger and discomfort of Dyspepsia is proverbial, and it is also a certainty that Burdock Blood Bitters is a complete cure.

TO THE DEAF.—A person cured of Deafness and noises in the head of 23 years' standing by a simple remedy, will send a description of it FREE to any person who applies to NICHOLSON 30 St. John St., Montreal.

The Messenger and Visitor will be sent to New Subscribers from now till Jan. 1, 1893, for $1.50.

HOTELS.
CARLTON HOUSE,
HALIFAX, N. S.
The above house is centrally situated, corner ARGYLE and PRINCE STS. Lighted by Electricity. Well served table, and nice comfortable rooms. Mrs. M. E. MARGESON. Telephone 785.
CENTRAL HOUSE,
73 Granville St.,
HALIFAX, N. S.
Conducted on strictly Temperance principles. MISS A. M. PAYSON.
ELLIOTT'S HOTEL,
28 to 32 Germain St.,
SAINT JOHN, N. B.
Modern Improvements. Terms $1 per day. Tea, Bed & Breakfast 75c. E. W. ELLIOTT, Proprietor.
HOTEL OTTAWA,
North Side King Square,
SAINT JOHN, N. B
E. COSMAN, Proprietor. Terms: $1.00 per day. This Hotel is conducted on strictly Temperance principles. Every attention paid to Guests' comfort.
Mrs. SHORT'S HOTEL,
DIGBY, N. S.
Re-opens to the Public on May 11th. First class accommodation for Permanent and Transient Guests. MRS. H. SHORT, Proprietress.
PROFESSIONAL CARDS.
C. W. BRADLEY,
DENTIST,
MONCTON, N. B.
Office Cor. Main & Botsford Sts.
KING & BARSS,
Barristers, Solicitors, Notaries, &c.
HALIFAX, N. S.
Money invested on Real Estate Security. Collections made in all parts of Canada.
MONT. McDONALD,
BARRISTER, &c.,
Princess Street,
ST. JOHN, N. B.
W. P. BONNELL, D. D. S.,
DENTAL ROOMS:
22 GERMAIN STREET,
SAINT JOHN, N. B.
JAS. C. MOODY, M. D.,
Physician, Surgeon & Accoucheur, Office and Residence, corner Gerrish and Grey Streets, WINDSOR, N. S.
BUSINESS CARDS.
LAMP GOODS.
Chandeliers; Bracket, Library, Student, Table and Hand Lamps; Burners, Chimneys, Wicks, Shades, Globes, Lanterns, Oil and Spirit Stoves, &c.
FOR SALE BY—
J. R. CAMERON, 64 Prince Wm. St.
THOMAS L. HAY,
GENERAL DEALER IN
HIDES, SKINS, and WOOL.
Hay, Oats, Cracked Corn and Oats, Middlings and Bran. Best of Scotch Ham and Shoulders. Store, under Mission Hall, Haymarket Square.
SAINT JOHN, N. B.
CHIPMAN'S PATENT
IS ONE OF THE Best Family Flours made in Canada
J. A. CHIPMAN & CO., Head Central Wharf, HALIFAX, N. S.
J. McC. SNOW,
— GENERAL —
Fire, Life and Accident INSURANCE AGENCY.
MAIN STREET, MONCTON, N. B.
Marble, Freestone, and Granite Works.
A. J. WALKER & SON, TRURO, N. S.
A. J. WALKER & CO., KENTVILLE, N. S.
All work done first-class.
JAMES S. MAY & SON,
MERCHANT TAILORS,
Domville Building, Prince Wm. Street
ST JOHN, N. B.
P. O. Box 303.
FOR SALE,
1 BLAKE'S IMPROVED STEAM SINKING PUMP.
Capacity at ordinary speed, 8 gallons per minute, will be sold at a bargain.
DYSPEPTICURE Differs Wholly From all other Remedies.
It quickly cures Headache and Nervousness, easily overcomes Indigestion and positively cures the worst cases of Chronic Dyspepsia. Those sufferers who are "sick and tired" of trying so many medicines, without lasting benefit, will not be disappointed in 'DYSPEPTICURE.'
NOVEMB
Sabbath
BIBLE L
FOURTH Q
(Condensed from P
Lesson II. Nov. 29.
CHRIST BEFO
GOLDEN

Lorem ipsum dolor sit amet, consectetur adipiscing elit, sed do eiusmod tempor incididunt ut labore et dolore magna aliqua. Ut enim ad minim veniam, quis nostrud exercitation ullamco laboris nisi ut aliquip ex ea commodo consequat. Duis aute irure dolor in reprehenderit in voluptate velit esse cillum dolore eu fugiat nulla pariatur.

Lorem ipsum dolor sit amet, consectetur adipiscing elit, sed do eiusmod tempor incididunt ut labore et dolore magna aliqua. Ut enim ad minim veniam, quis nostrud exercitation ullamco laboris nisi ut aliquip ex ea commodo consequat. Duis aute irure dolor in reprehenderit in voluptate velit esse cillum dolore eu fugiat nulla pariatur.

Lorem ipsum dolor sit amet, consectetur adipiscing elit, sed do eiusmod tempor incididunt ut labore et dolore magna aliqua. Ut enim ad minim veniam, quis nostrud exercitation ullamco laboris nisi ut aliquip ex ea commodo consequat. Duis aute irure dolor in reprehenderit in voluptate velit esse cillum dolore eu fugiat nulla pariatur.

Lorem ipsum dolor sit amet, consectetur adipiscing elit, sed do eiusmod tempor incididunt ut labore et dolore magna aliqua. Ut enim ad minim veniam, quis nostrud exercitation ullamco laboris nisi ut aliquip ex ea commodo consequat. Duis aute irure dolor in reprehenderit in voluptate velit esse cillum dolore eu fugiat nulla pariatur.

Lorem ipsum dolor sit amet, consectetur adipiscing elit, sed do eiusmod tempor incididunt ut labore et dolore magna aliqua. Ut enim ad minim veniam, quis nostrud exercitation ullamco laboris nisi ut aliquip ex ea commodo consequat. Duis aute irure dolor in reprehenderit in voluptate velit esse cillum dolore eu fugiat nulla pariatur.

Lorem ipsum dolor sit amet, consectetur adipiscing elit, sed do eiusmod tempor incididunt ut labore et dolore magna aliqua. Ut enim ad minim veniam, quis nostrud exercitation ullamco laboris nisi ut aliquip ex ea commodo consequat. Duis aute irure dolor in reprehenderit in voluptate velit esse cillum dolore eu fugiat nulla pariatur.

Lorem ipsum dolor sit amet, consectetur adipiscing elit, sed do eiusmod tempor incididunt ut labore et dolore magna aliqua. Ut enim ad minim veniam, quis nostrud exercitation ullamco laboris nisi ut aliquip ex ea commodo consequat. Duis aute irure dolor in reprehenderit in voluptate velit esse cillum dolore eu fugiat nulla pariatur.

Lorem ipsum dolor sit amet, consectetur adipiscing elit, sed do eiusmod tempor incididunt ut labore et dolore magna aliqua. Ut enim ad minim veniam, quis nostrud exercitation ullamco laboris nisi ut aliquip ex ea commodo consequat. Duis aute irure dolor in reprehenderit in voluptate velit esse cillum dolore eu fugiat nulla pariatur.

Lorem ipsum dolor sit amet, consectetur adipiscing elit, sed do eiusmod tempor incididunt ut labore et dolore magna aliqua. Ut enim ad minim veniam, quis nostrud exercitation ullamco laboris nisi ut aliquip ex ea commodo consequat. Duis aute irure dolor in reprehenderit in voluptate velit esse cillum dolore eu fugiat nulla pariatur.

Lorem ipsum dolor sit amet, consectetur adipiscing elit, sed do eiusmod tempor incididunt ut labore et dolore magna aliqua. Ut enim ad minim veniam, quis nostrud exercitation ullamco laboris nisi ut aliquip ex ea commodo consequat. Duis aute irure dolor in reprehenderit in voluptate velit esse cillum dolore eu fugiat nulla pariatur.

Lorem ipsum dolor sit amet, consectetur adipiscing elit, sed do eiusmod tempor incididunt ut labore et dolore magna aliqua. Ut enim ad minim veniam, quis nostrud exercitation ullamco laboris nisi ut aliquip ex ea commodo consequat. Duis aute irure dolor in reprehenderit in voluptate velit esse cillum dolore eu fugiat nulla pariatur.

Lorem ipsum dolor sit amet, consectetur adipiscing elit, sed do eiusmod tempor incididunt ut labore et dolore magna aliqua. Ut enim ad minim veniam, quis nostrud exercitation ullamco laboris nisi ut aliquip ex ea commodo consequat. Duis aute irure dolor in reprehenderit in voluptate velit esse cillum dolore eu fugiat nulla pariatur.
